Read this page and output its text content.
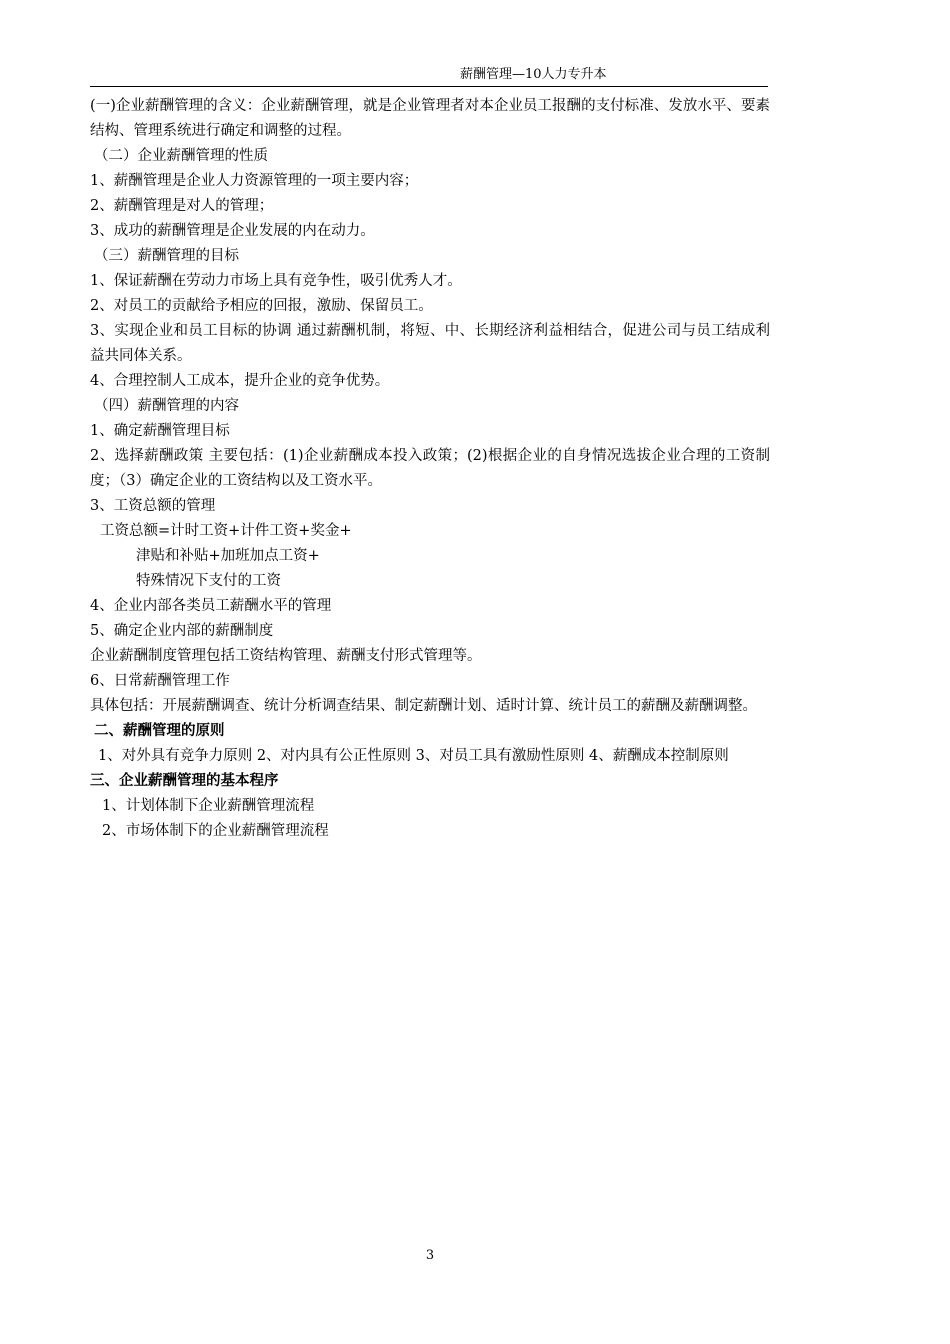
薪酬管理—10人力专升本
(一)企业薪酬管理的含义：企业薪酬管理，就是企业管理者对本企业员工报酬的支付标准、发放水平、要素结构、管理系统进行确定和调整的过程。
（二）企业薪酬管理的性质
1、薪酬管理是企业人力资源管理的一项主要内容；
2、薪酬管理是对人的管理；
3、成功的薪酬管理是企业发展的内在动力。
（三）薪酬管理的目标
1、保证薪酬在劳动力市场上具有竞争性，吸引优秀人才。
2、对员工的贡献给予相应的回报，激励、保留员工。
3、实现企业和员工目标的协调 通过薪酬机制，将短、中、长期经济利益相结合，促进公司与员工结成利益共同体关系。
4、合理控制人工成本，提升企业的竞争优势。
（四）薪酬管理的内容
1、确定薪酬管理目标
2、选择薪酬政策 主要包括：(1)企业薪酬成本投入政策；(2)根据企业的自身情况选拔企业合理的工资制度；（3）确定企业的工资结构以及工资水平。
3、工资总额的管理
工资总额=计时工资+计件工资+奖金+
津贴和补贴+加班加点工资+
特殊情况下支付的工资
4、企业内部各类员工薪酬水平的管理
5、确定企业内部的薪酬制度
企业薪酬制度管理包括工资结构管理、薪酬支付形式管理等。
6、日常薪酬管理工作
具体包括：开展薪酬调查、统计分析调查结果、制定薪酬计划、适时计算、统计员工的薪酬及薪酬调整。
二、薪酬管理的原则
1、对外具有竞争力原则 2、对内具有公正性原则 3、对员工具有激励性原则 4、薪酬成本控制原则
三、企业薪酬管理的基本程序
1、计划体制下企业薪酬管理流程
2、市场体制下的企业薪酬管理流程
3
